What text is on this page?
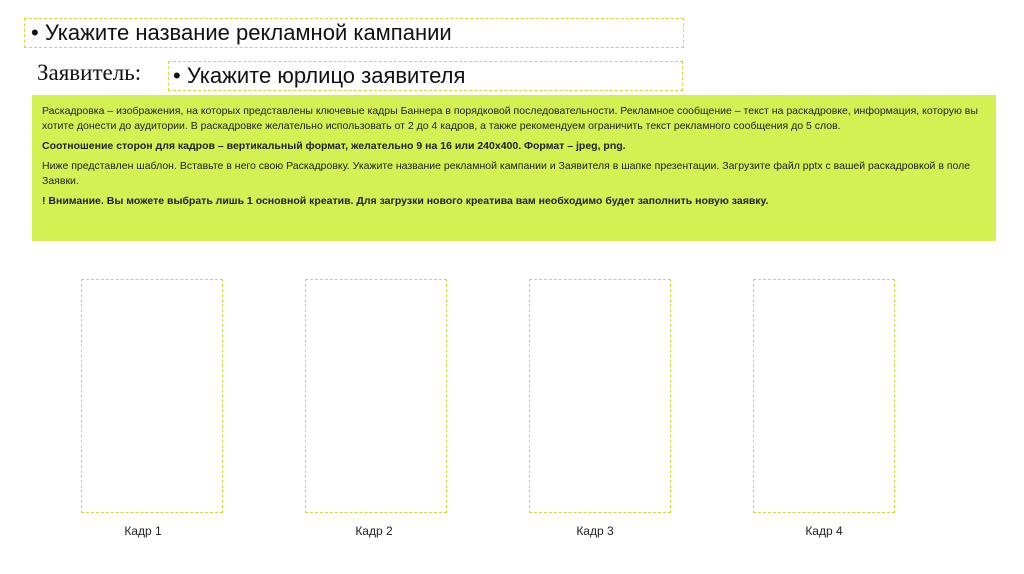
• Укажите название рекламной кампании
Заявитель: • Укажите юрлицо заявителя

Раскадровка – изображения, на которых представлены ключевые кадры Баннера в порядковой последовательности. Рекламное сообщение – текст на раскадровке, информация, которую вы хотите донести до аудитории. В раскадровке желательно использовать от 2 до 4 кадров, а также рекомендуем ограничить текст рекламного сообщения до 5 слов.

Соотношение сторон для кадров – вертикальный формат, желательно 9 на 16 или 240x400. Формат – jpeg, png.

Ниже представлен шаблон. Вставьте в него свою Раскадровку. Укажите название рекламной кампании и Заявителя в шапке презентации. Загрузите файл pptx с вашей раскадровкой в поле Заявки.

! Внимание. Вы можете выбрать лишь 1 основной креатив. Для загрузки нового креатива вам необходимо будет заполнить новую заявку.

Кадр 1	Кадр 2	Кадр 3	Кадр 4
